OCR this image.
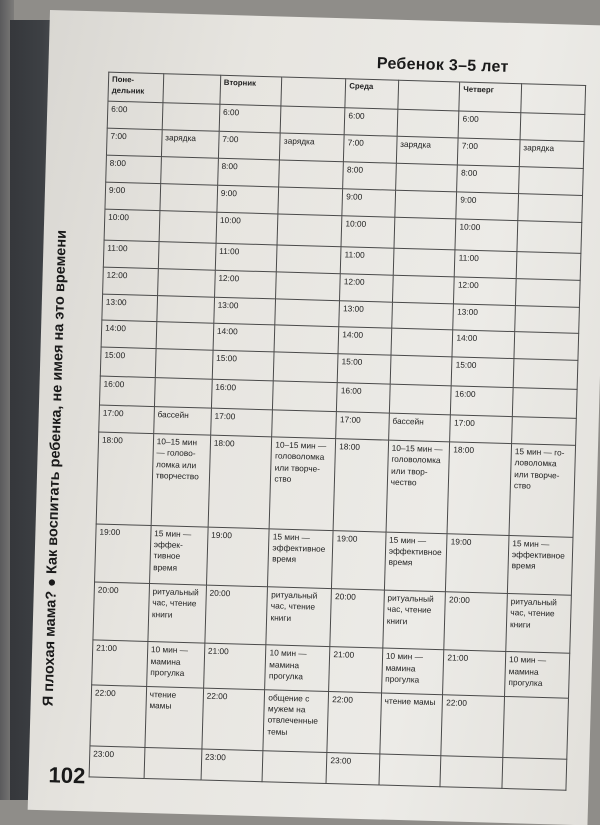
Ребенок 3–5 лет
Я плохая мама? ● Как воспитать ребенка, не имея на это времени
102
Поне-
дельник		Вторник		Среда		Четверг	
6:00		6:00		6:00		6:00	
7:00	зарядка	7:00	зарядка	7:00	зарядка	7:00	зарядка
8:00		8:00		8:00		8:00	
9:00		9:00		9:00		9:00	
10:00		10:00		10:00		10:00	
11:00		11:00		11:00		11:00	
12:00		12:00		12:00		12:00	
13:00		13:00		13:00		13:00	
14:00		14:00		14:00		14:00	
15:00		15:00		15:00		15:00	
16:00		16:00		16:00		16:00	
17:00	бассейн	17:00		17:00	бассейн	17:00	
18:00	10–15 мин — головоломка или творчество	18:00	10–15 мин — головоломка или творчество	18:00	10–15 мин — головоломка или творчество	18:00	15 мин — головоломка или творчество
19:00	15 мин — эффективное время	19:00	15 мин — эффективное время	19:00	15 мин — эффективное время	19:00	15 мин — эффективное время
20:00	ритуальный час, чтение книги	20:00	ритуальный час, чтение книги	20:00	ритуальный час, чтение книги	20:00	ритуальный час, чтение книги
21:00	10 мин — мамина прогулка	21:00	10 мин — мамина прогулка	21:00	10 мин — мамина прогулка	21:00	10 мин — мамина прогулка
22:00	чтение мамы	22:00	общение с мужем на отвлеченные темы	22:00	чтение мамы	22:00	
23:00		23:00		23:00			
